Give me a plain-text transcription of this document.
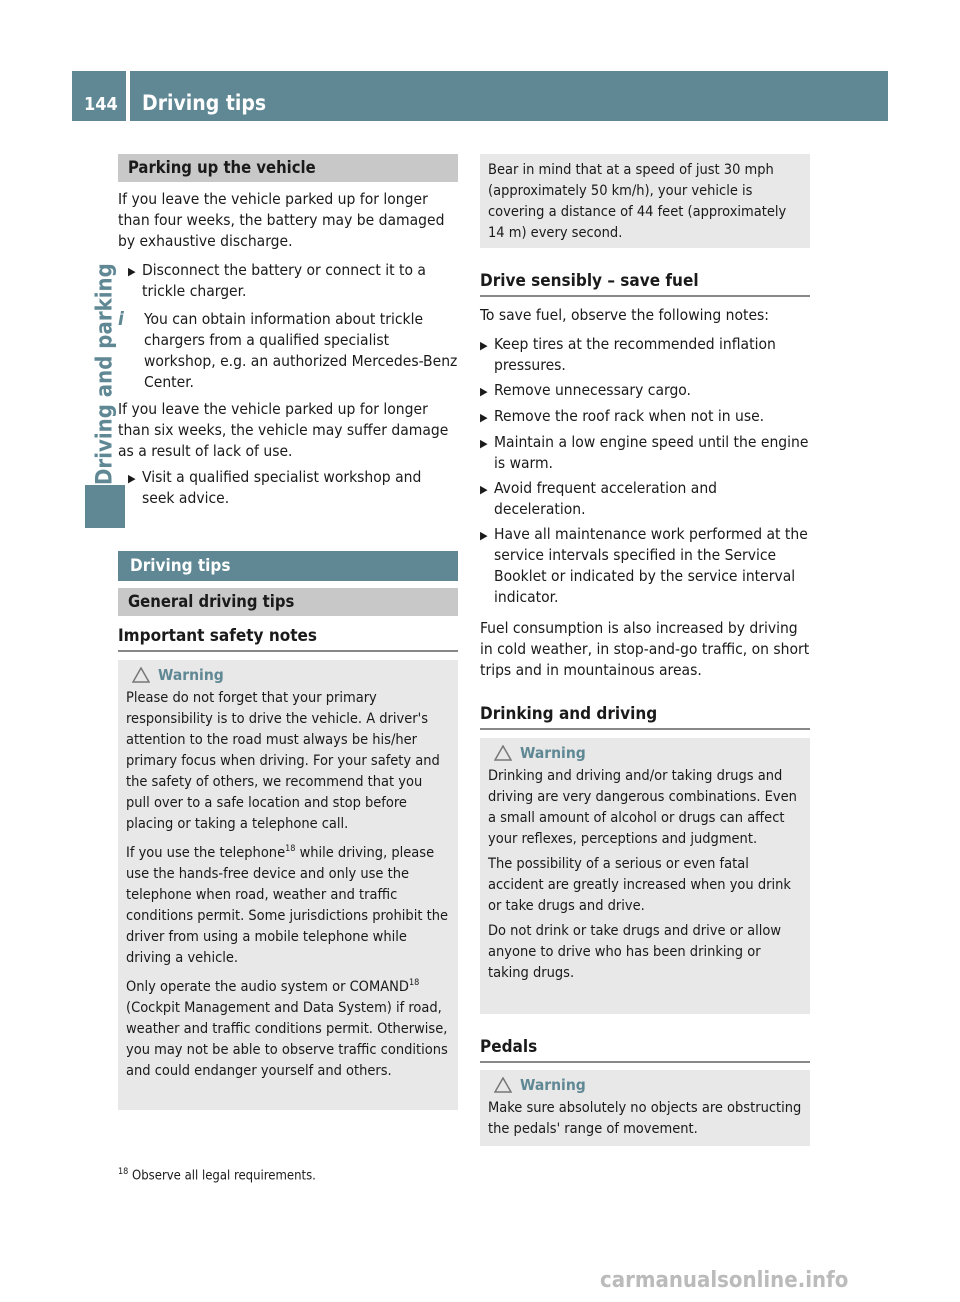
144 Driving tips
Driving and parking
Parking up the vehicle

If you leave the vehicle parked up for longer than four weeks, the battery may be damaged by exhaustive discharge.

▶ Disconnect the battery or connect it to a trickle charger.
i	You can obtain information about trickle chargers from a qualified specialist workshop, e.g. an authorized Mercedes-Benz Center.

If you leave the vehicle parked up for longer than six weeks, the vehicle may suffer damage as a result of lack of use.

▶ Visit a qualified specialist workshop and seek advice.
Driving tips
General driving tips
Important safety notes
Warning

Please do not forget that your primary responsibility is to drive the vehicle. A driver's attention to the road must always be his/her primary focus when driving. For your safety and the safety of others, we recommend that you pull over to a safe location and stop before placing or taking a telephone call.

If you use the telephone$^{18}$ while driving, please use the hands-free device and only use the telephone when road, weather and traffic conditions permit. Some jurisdictions prohibit the driver from using a mobile telephone while driving a vehicle.

Only operate the audio system or COMAND$^{18}$ (Cockpit Management and Data System) if road, weather and traffic conditions permit. Otherwise, you may not be able to observe traffic conditions and could endanger yourself and others.

Bear in mind that at a speed of just 30 mph (approximately 50 km/h), your vehicle is covering a distance of 44 feet (approximately 14 m) every second.

Drive sensibly – save fuel

To save fuel, observe the following notes:

▶ Keep tires at the recommended inflation pressures.
▶ Remove unnecessary cargo.
▶ Remove the roof rack when not in use.
▶ Maintain a low engine speed until the engine is warm.
▶ Avoid frequent acceleration and deceleration.
▶ Have all maintenance work performed at the service intervals specified in the Service Booklet or indicated by the service interval indicator.

Fuel consumption is also increased by driving in cold weather, in stop-and-go traffic, on short trips and in mountainous areas.

Drinking and driving
Warning

Drinking and driving and/or taking drugs and driving are very dangerous combinations. Even a small amount of alcohol or drugs can affect your reflexes, perceptions and judgment.

The possibility of a serious or even fatal accident are greatly increased when you drink or take drugs and drive.

Do not drink or take drugs and drive or allow anyone to drive who has been drinking or taking drugs.

Pedals
Warning

Make sure absolutely no objects are obstructing the pedals' range of movement.

$^{18}$ Observe all legal requirements.
carmanualsonline.info
